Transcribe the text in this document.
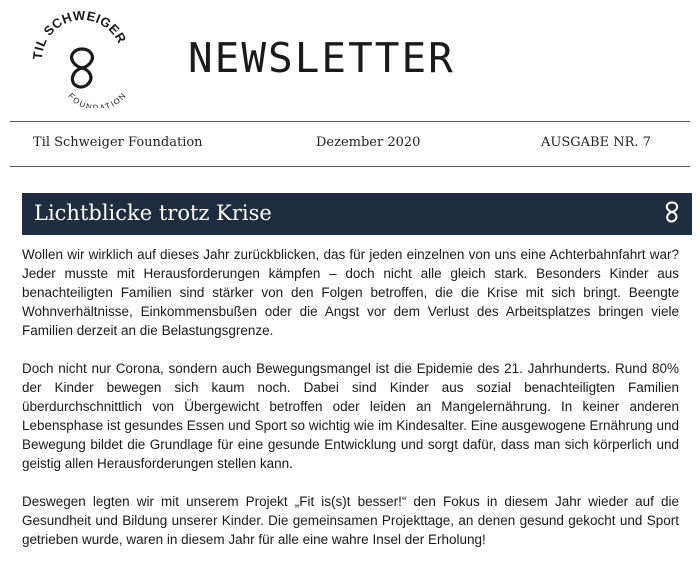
TIL SCHWEIGER
FOUNDATION
NEWSLETTER
Til Schweiger Foundation	Dezember 2020	AUSGABE NR. 7
Lichtblicke trotz Krise

Wollen wir wirklich auf dieses Jahr zurückblicken, das für jeden einzelnen von uns eine Achterbahnfahrt war? Jeder musste mit Herausforderungen kämpfen – doch nicht alle gleich stark. Besonders Kinder aus benachteiligten Familien sind stärker von den Folgen betroffen, die die Krise mit sich bringt. Beengte Wohnverhältnisse, Einkommensbußen oder die Angst vor dem Verlust des Arbeitsplatzes bringen viele Familien derzeit an die Belastungsgrenze.

Doch nicht nur Corona, sondern auch Bewegungsmangel ist die Epidemie des 21. Jahrhunderts. Rund 80% der Kinder bewegen sich kaum noch. Dabei sind Kinder aus sozial benachteiligten Familien überdurchschnittlich von Übergewicht betroffen oder leiden an Mangelernährung. In keiner anderen Lebensphase ist gesundes Essen und Sport so wichtig wie im Kindesalter. Eine ausgewogene Ernährung und Bewegung bildet die Grundlage für eine gesunde Entwicklung und sorgt dafür, dass man sich körperlich und geistig allen Herausforderungen stellen kann.

Deswegen legten wir mit unserem Projekt „Fit is(s)t besser!“ den Fokus in diesem Jahr wieder auf die Gesundheit und Bildung unserer Kinder. Die gemeinsamen Projekttage, an denen gesund gekocht und Sport getrieben wurde, waren in diesem Jahr für alle eine wahre Insel der Erholung!
